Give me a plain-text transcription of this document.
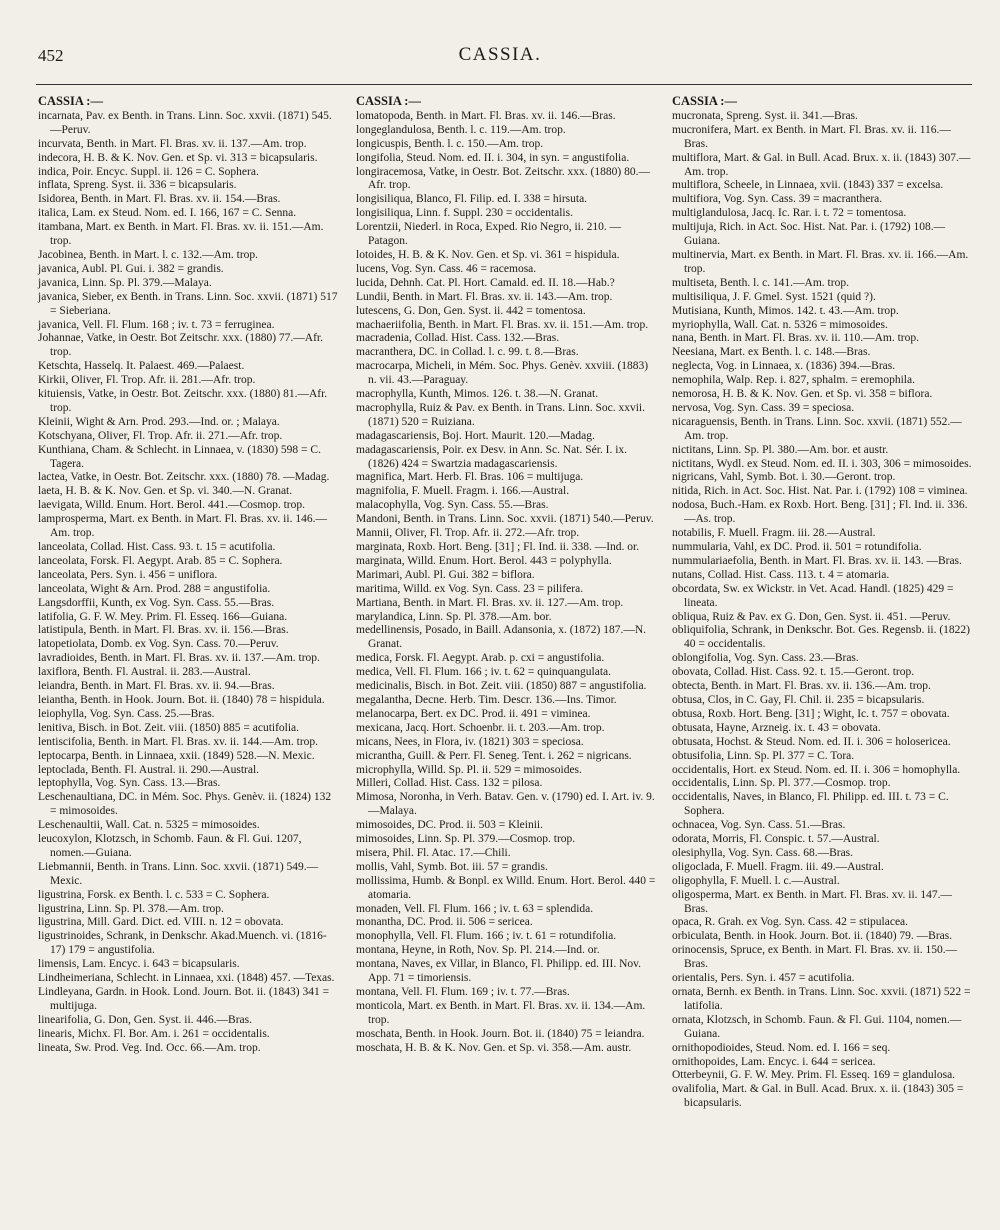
452	CASSIA.
CASSIA :—

incarnata, Pav. ex Benth. in Trans. Linn. Soc. xxvii. (1871) 545.—Peruv.

incurvata, Benth. in Mart. Fl. Bras. xv. ii. 137.—Am. trop.

indecora, H. B. & K. Nov. Gen. et Sp. vi. 313 = bicapsularis.

indica, Poir. Encyc. Suppl. ii. 126 = C. Sophera.

inflata, Spreng. Syst. ii. 336 = bicapsularis.

Isidorea, Benth. in Mart. Fl. Bras. xv. ii. 154.—Bras.

italica, Lam. ex Steud. Nom. ed. I. 166, 167 = C. Senna.

itambana, Mart. ex Benth. in Mart. Fl. Bras. xv. ii. 151.—Am. trop.

Jacobinea, Benth. in Mart. l. c. 132.—Am. trop.

javanica, Aubl. Pl. Gui. i. 382 = grandis.

javanica, Linn. Sp. Pl. 379.—Malaya.

javanica, Sieber, ex Benth. in Trans. Linn. Soc. xxvii. (1871) 517 = Sieberiana.

javanica, Vell. Fl. Flum. 168 ; iv. t. 73 = ferruginea.

Johannae, Vatke, in Oestr. Bot Zeitschr. xxx. (1880) 77.—Afr. trop.

Ketschta, Hasselq. It. Palaest. 469.—Palaest.

Kirkii, Oliver, Fl. Trop. Afr. ii. 281.—Afr. trop.

kituiensis, Vatke, in Oestr. Bot. Zeitschr. xxx. (1880) 81.—Afr. trop.

Kleinii, Wight & Arn. Prod. 293.—Ind. or. ; Malaya.

Kotschyana, Oliver, Fl. Trop. Afr. ii. 271.—Afr. trop.

Kunthiana, Cham. & Schlecht. in Linnaea, v. (1830) 598 = C. Tagera.

lactea, Vatke, in Oestr. Bot. Zeitschr. xxx. (1880) 78. —Madag.

laeta, H. B. & K. Nov. Gen. et Sp. vi. 340.—N. Granat.

laevigata, Willd. Enum. Hort. Berol. 441.—Cosmop. trop.

lamprosperma, Mart. ex Benth. in Mart. Fl. Bras. xv. ii. 146.—Am. trop.

lanceolata, Collad. Hist. Cass. 93. t. 15 = acutifolia.

lanceolata, Forsk. Fl. Aegypt. Arab. 85 = C. Sophera.

lanceolata, Pers. Syn. i. 456 = uniflora.

lanceolata, Wight & Arn. Prod. 288 = angustifolia.

Langsdorffii, Kunth, ex Vog. Syn. Cass. 55.—Bras.

latifolia, G. F. W. Mey. Prim. Fl. Esseq. 166—Guiana.

latistipula, Benth. in Mart. Fl. Bras. xv. ii. 156.—Bras.

latopetiolata, Domb. ex Vog. Syn. Cass. 70.—Peruv.

lavradioides, Benth. in Mart. Fl. Bras. xv. ii. 137.—Am. trop.

laxiflora, Benth. Fl. Austral. ii. 283.—Austral.

leiandra, Benth. in Mart. Fl. Bras. xv. ii. 94.—Bras.

leiantha, Benth. in Hook. Journ. Bot. ii. (1840) 78 = hispidula.

leiophylla, Vog. Syn. Cass. 25.—Bras.

lenitiva, Bisch. in Bot. Zeit. viii. (1850) 885 = acutifolia.

lentiscifolia, Benth. in Mart. Fl. Bras. xv. ii. 144.—Am. trop.

leptocarpa, Benth. in Linnaea, xxii. (1849) 528.—N. Mexic.

leptoclada, Benth. Fl. Austral. ii. 290.—Austral.

leptophylla, Vog. Syn. Cass. 13.—Bras.

Leschenaultiana, DC. in Mém. Soc. Phys. Genèv. ii. (1824) 132 = mimosoides.

Leschenaultii, Wall. Cat. n. 5325 = mimosoides.

leucoxylon, Klotzsch, in Schomb. Faun. & Fl. Gui. 1207, nomen.—Guiana.

Liebmannii, Benth. in Trans. Linn. Soc. xxvii. (1871) 549.—Mexic.

ligustrina, Forsk. ex Benth. l. c. 533 = C. Sophera.

ligustrina, Linn. Sp. Pl. 378.—Am. trop.

ligustrina, Mill. Gard. Dict. ed. VIII. n. 12 = obovata.

ligustrinoides, Schrank, in Denkschr. Akad.Muench. vi. (1816-17) 179 = angustifolia.

limensis, Lam. Encyc. i. 643 = bicapsularis.

Lindheimeriana, Schlecht. in Linnaea, xxi. (1848) 457. —Texas.

Lindleyana, Gardn. in Hook. Lond. Journ. Bot. ii. (1843) 341 = multijuga.

linearifolia, G. Don, Gen. Syst. ii. 446.—Bras.

linearis, Michx. Fl. Bor. Am. i. 261 = occidentalis.

lineata, Sw. Prod. Veg. Ind. Occ. 66.—Am. trop.

CASSIA :—

lomatopoda, Benth. in Mart. Fl. Bras. xv. ii. 146.—Bras.

longeglandulosa, Benth. l. c. 119.—Am. trop.

longicuspis, Benth. l. c. 150.—Am. trop.

longifolia, Steud. Nom. ed. II. i. 304, in syn. = angustifolia.

longiracemosa, Vatke, in Oestr. Bot. Zeitschr. xxx. (1880) 80.—Afr. trop.

longisiliqua, Blanco, Fl. Filip. ed. I. 338 = hirsuta.

longisiliqua, Linn. f. Suppl. 230 = occidentalis.

Lorentzii, Niederl. in Roca, Exped. Rio Negro, ii. 210. —Patagon.

lotoides, H. B. & K. Nov. Gen. et Sp. vi. 361 = hispidula.

lucens, Vog. Syn. Cass. 46 = racemosa.

lucida, Dehnh. Cat. Pl. Hort. Camald. ed. II. 18.—Hab.?

Lundii, Benth. in Mart. Fl. Bras. xv. ii. 143.—Am. trop.

lutescens, G. Don, Gen. Syst. ii. 442 = tomentosa.

machaeriifolia, Benth. in Mart. Fl. Bras. xv. ii. 151.—Am. trop.

macradenia, Collad. Hist. Cass. 132.—Bras.

macranthera, DC. in Collad. l. c. 99. t. 8.—Bras.

macrocarpa, Micheli, in Mém. Soc. Phys. Genèv. xxviii. (1883) n. vii. 43.—Paraguay.

macrophylla, Kunth, Mimos. 126. t. 38.—N. Granat.

macrophylla, Ruiz & Pav. ex Benth. in Trans. Linn. Soc. xxvii. (1871) 520 = Ruiziana.

madagascariensis, Boj. Hort. Maurit. 120.—Madag.

madagascariensis, Poir. ex Desv. in Ann. Sc. Nat. Sér. I. ix. (1826) 424 = Swartzia madagascariensis.

magnifica, Mart. Herb. Fl. Bras. 106 = multijuga.

magnifolia, F. Muell. Fragm. i. 166.—Austral.

malacophylla, Vog. Syn. Cass. 55.—Bras.

Mandoni, Benth. in Trans. Linn. Soc. xxvii. (1871) 540.—Peruv.

Mannii, Oliver, Fl. Trop. Afr. ii. 272.—Afr. trop.

marginata, Roxb. Hort. Beng. [31] ; Fl. Ind. ii. 338. —Ind. or.

marginata, Willd. Enum. Hort. Berol. 443 = polyphylla.

Marimari, Aubl. Pl. Gui. 382 = biflora.

maritima, Willd. ex Vog. Syn. Cass. 23 = pilifera.

Martiana, Benth. in Mart. Fl. Bras. xv. ii. 127.—Am. trop.

marylandica, Linn. Sp. Pl. 378.—Am. bor.

medellinensis, Posado, in Baill. Adansonia, x. (1872) 187.—N. Granat.

medica, Forsk. Fl. Aegypt. Arab. p. cxi = angustifolia.

medica, Vell. Fl. Flum. 166 ; iv. t. 62 = quinquangulata.

medicinalis, Bisch. in Bot. Zeit. viii. (1850) 887 = angustifolia.

megalantha, Decne. Herb. Tim. Descr. 136.—Ins. Timor.

melanocarpa, Bert. ex DC. Prod. ii. 491 = viminea.

mexicana, Jacq. Hort. Schoenbr. ii. t. 203.—Am. trop.

micans, Nees, in Flora, iv. (1821) 303 = speciosa.

micrantha, Guill. & Perr. Fl. Seneg. Tent. i. 262 = nigricans.

microphylla, Willd. Sp. Pl. ii. 529 = mimosoides.

Milleri, Collad. Hist. Cass. 132 = pilosa.

Mimosa, Noronha, in Verh. Batav. Gen. v. (1790) ed. I. Art. iv. 9.—Malaya.

mimosoides, DC. Prod. ii. 503 = Kleinii.

mimosoides, Linn. Sp. Pl. 379.—Cosmop. trop.

misera, Phil. Fl. Atac. 17.—Chili.

mollis, Vahl, Symb. Bot. iii. 57 = grandis.

mollissima, Humb. & Bonpl. ex Willd. Enum. Hort. Berol. 440 = atomaria.

monaden, Vell. Fl. Flum. 166 ; iv. t. 63 = splendida.

monantha, DC. Prod. ii. 506 = sericea.

monophylla, Vell. Fl. Flum. 166 ; iv. t. 61 = rotundifolia.

montana, Heyne, in Roth, Nov. Sp. Pl. 214.—Ind. or.

montana, Naves, ex Villar, in Blanco, Fl. Philipp. ed. III. Nov. App. 71 = timoriensis.

montana, Vell. Fl. Flum. 169 ; iv. t. 77.—Bras.

monticola, Mart. ex Benth. in Mart. Fl. Bras. xv. ii. 134.—Am. trop.

moschata, Benth. in Hook. Journ. Bot. ii. (1840) 75 = leiandra.

moschata, H. B. & K. Nov. Gen. et Sp. vi. 358.—Am. austr.

CASSIA :—

mucronata, Spreng. Syst. ii. 341.—Bras.

mucronifera, Mart. ex Benth. in Mart. Fl. Bras. xv. ii. 116.—Bras.

multiflora, Mart. & Gal. in Bull. Acad. Brux. x. ii. (1843) 307.—Am. trop.

multiflora, Scheele, in Linnaea, xvii. (1843) 337 = excelsa.

multifiora, Vog. Syn. Cass. 39 = macranthera.

multiglandulosa, Jacq. Ic. Rar. i. t. 72 = tomentosa.

multijuja, Rich. in Act. Soc. Hist. Nat. Par. i. (1792) 108.—Guiana.

multinervia, Mart. ex Benth. in Mart. Fl. Bras. xv. ii. 166.—Am. trop.

multiseta, Benth. l. c. 141.—Am. trop.

multisiliqua, J. F. Gmel. Syst. 1521 (quid ?).

Mutisiana, Kunth, Mimos. 142. t. 43.—Am. trop.

myriophylla, Wall. Cat. n. 5326 = mimosoides.

nana, Benth. in Mart. Fl. Bras. xv. ii. 110.—Am. trop.

Neesiana, Mart. ex Benth. l. c. 148.—Bras.

neglecta, Vog. in Linnaea, x. (1836) 394.—Bras.

nemophila, Walp. Rep. i. 827, sphalm. = eremophila.

nemorosa, H. B. & K. Nov. Gen. et Sp. vi. 358 = biflora.

nervosa, Vog. Syn. Cass. 39 = speciosa.

nicaraguensis, Benth. in Trans. Linn. Soc. xxvii. (1871) 552.—Am. trop.

nictitans, Linn. Sp. Pl. 380.—Am. bor. et austr.

nictitans, Wydl. ex Steud. Nom. ed. II. i. 303, 306 = mimosoides.

nigricans, Vahl, Symb. Bot. i. 30.—Geront. trop.

nitida, Rich. in Act. Soc. Hist. Nat. Par. i. (1792) 108 = viminea.

nodosa, Buch.-Ham. ex Roxb. Hort. Beng. [31] ; Fl. Ind. ii. 336.—As. trop.

notabilis, F. Muell. Fragm. iii. 28.—Austral.

nummularia, Vahl, ex DC. Prod. ii. 501 = rotundifolia.

nummulariaefolia, Benth. in Mart. Fl. Bras. xv. ii. 143. —Bras.

nutans, Collad. Hist. Cass. 113. t. 4 = atomaria.

obcordata, Sw. ex Wickstr. in Vet. Acad. Handl. (1825) 429 = lineata.

obliqua, Ruiz & Pav. ex G. Don, Gen. Syst. ii. 451. —Peruv.

obliquifolia, Schrank, in Denkschr. Bot. Ges. Regensb. ii. (1822) 40 = occidentalis.

oblongifolia, Vog. Syn. Cass. 23.—Bras.

obovata, Collad. Hist. Cass. 92. t. 15.—Geront. trop.

obtecta, Benth. in Mart. Fl. Bras. xv. ii. 136.—Am. trop.

obtusa, Clos, in C. Gay, Fl. Chil. ii. 235 = bicapsularis.

obtusa, Roxb. Hort. Beng. [31] ; Wight, Ic. t. 757 = obovata.

obtusata, Hayne, Arzneig. ix. t. 43 = obovata.

obtusata, Hochst. & Steud. Nom. ed. II. i. 306 = holosericea.

obtusifolia, Linn. Sp. Pl. 377 = C. Tora.

occidentalis, Hort. ex Steud. Nom. ed. II. i. 306 = homophylla.

occidentalis, Linn. Sp. Pl. 377.—Cosmop. trop.

occidentalis, Naves, in Blanco, Fl. Philipp. ed. III. t. 73 = C. Sophera.

ochnacea, Vog. Syn. Cass. 51.—Bras.

odorata, Morris, Fl. Conspic. t. 57.—Austral.

olesiphylla, Vog. Syn. Cass. 68.—Bras.

oligoclada, F. Muell. Fragm. iii. 49.—Austral.

oligophylla, F. Muell. l. c.—Austral.

oligosperma, Mart. ex Benth. in Mart. Fl. Bras. xv. ii. 147.—Bras.

opaca, R. Grah. ex Vog. Syn. Cass. 42 = stipulacea.

orbiculata, Benth. in Hook. Journ. Bot. ii. (1840) 79. —Bras.

orinocensis, Spruce, ex Benth. in Mart. Fl. Bras. xv. ii. 150.—Bras.

orientalis, Pers. Syn. i. 457 = acutifolia.

ornata, Bernh. ex Benth. in Trans. Linn. Soc. xxvii. (1871) 522 = latifolia.

ornata, Klotzsch, in Schomb. Faun. & Fl. Gui. 1104, nomen.—Guiana.

ornithopodioides, Steud. Nom. ed. I. 166 = seq.

ornithopoides, Lam. Encyc. i. 644 = sericea.

Otterbeynii, G. F. W. Mey. Prim. Fl. Esseq. 169 = glandulosa.

ovalifolia, Mart. & Gal. in Bull. Acad. Brux. x. ii. (1843) 305 = bicapsularis.
